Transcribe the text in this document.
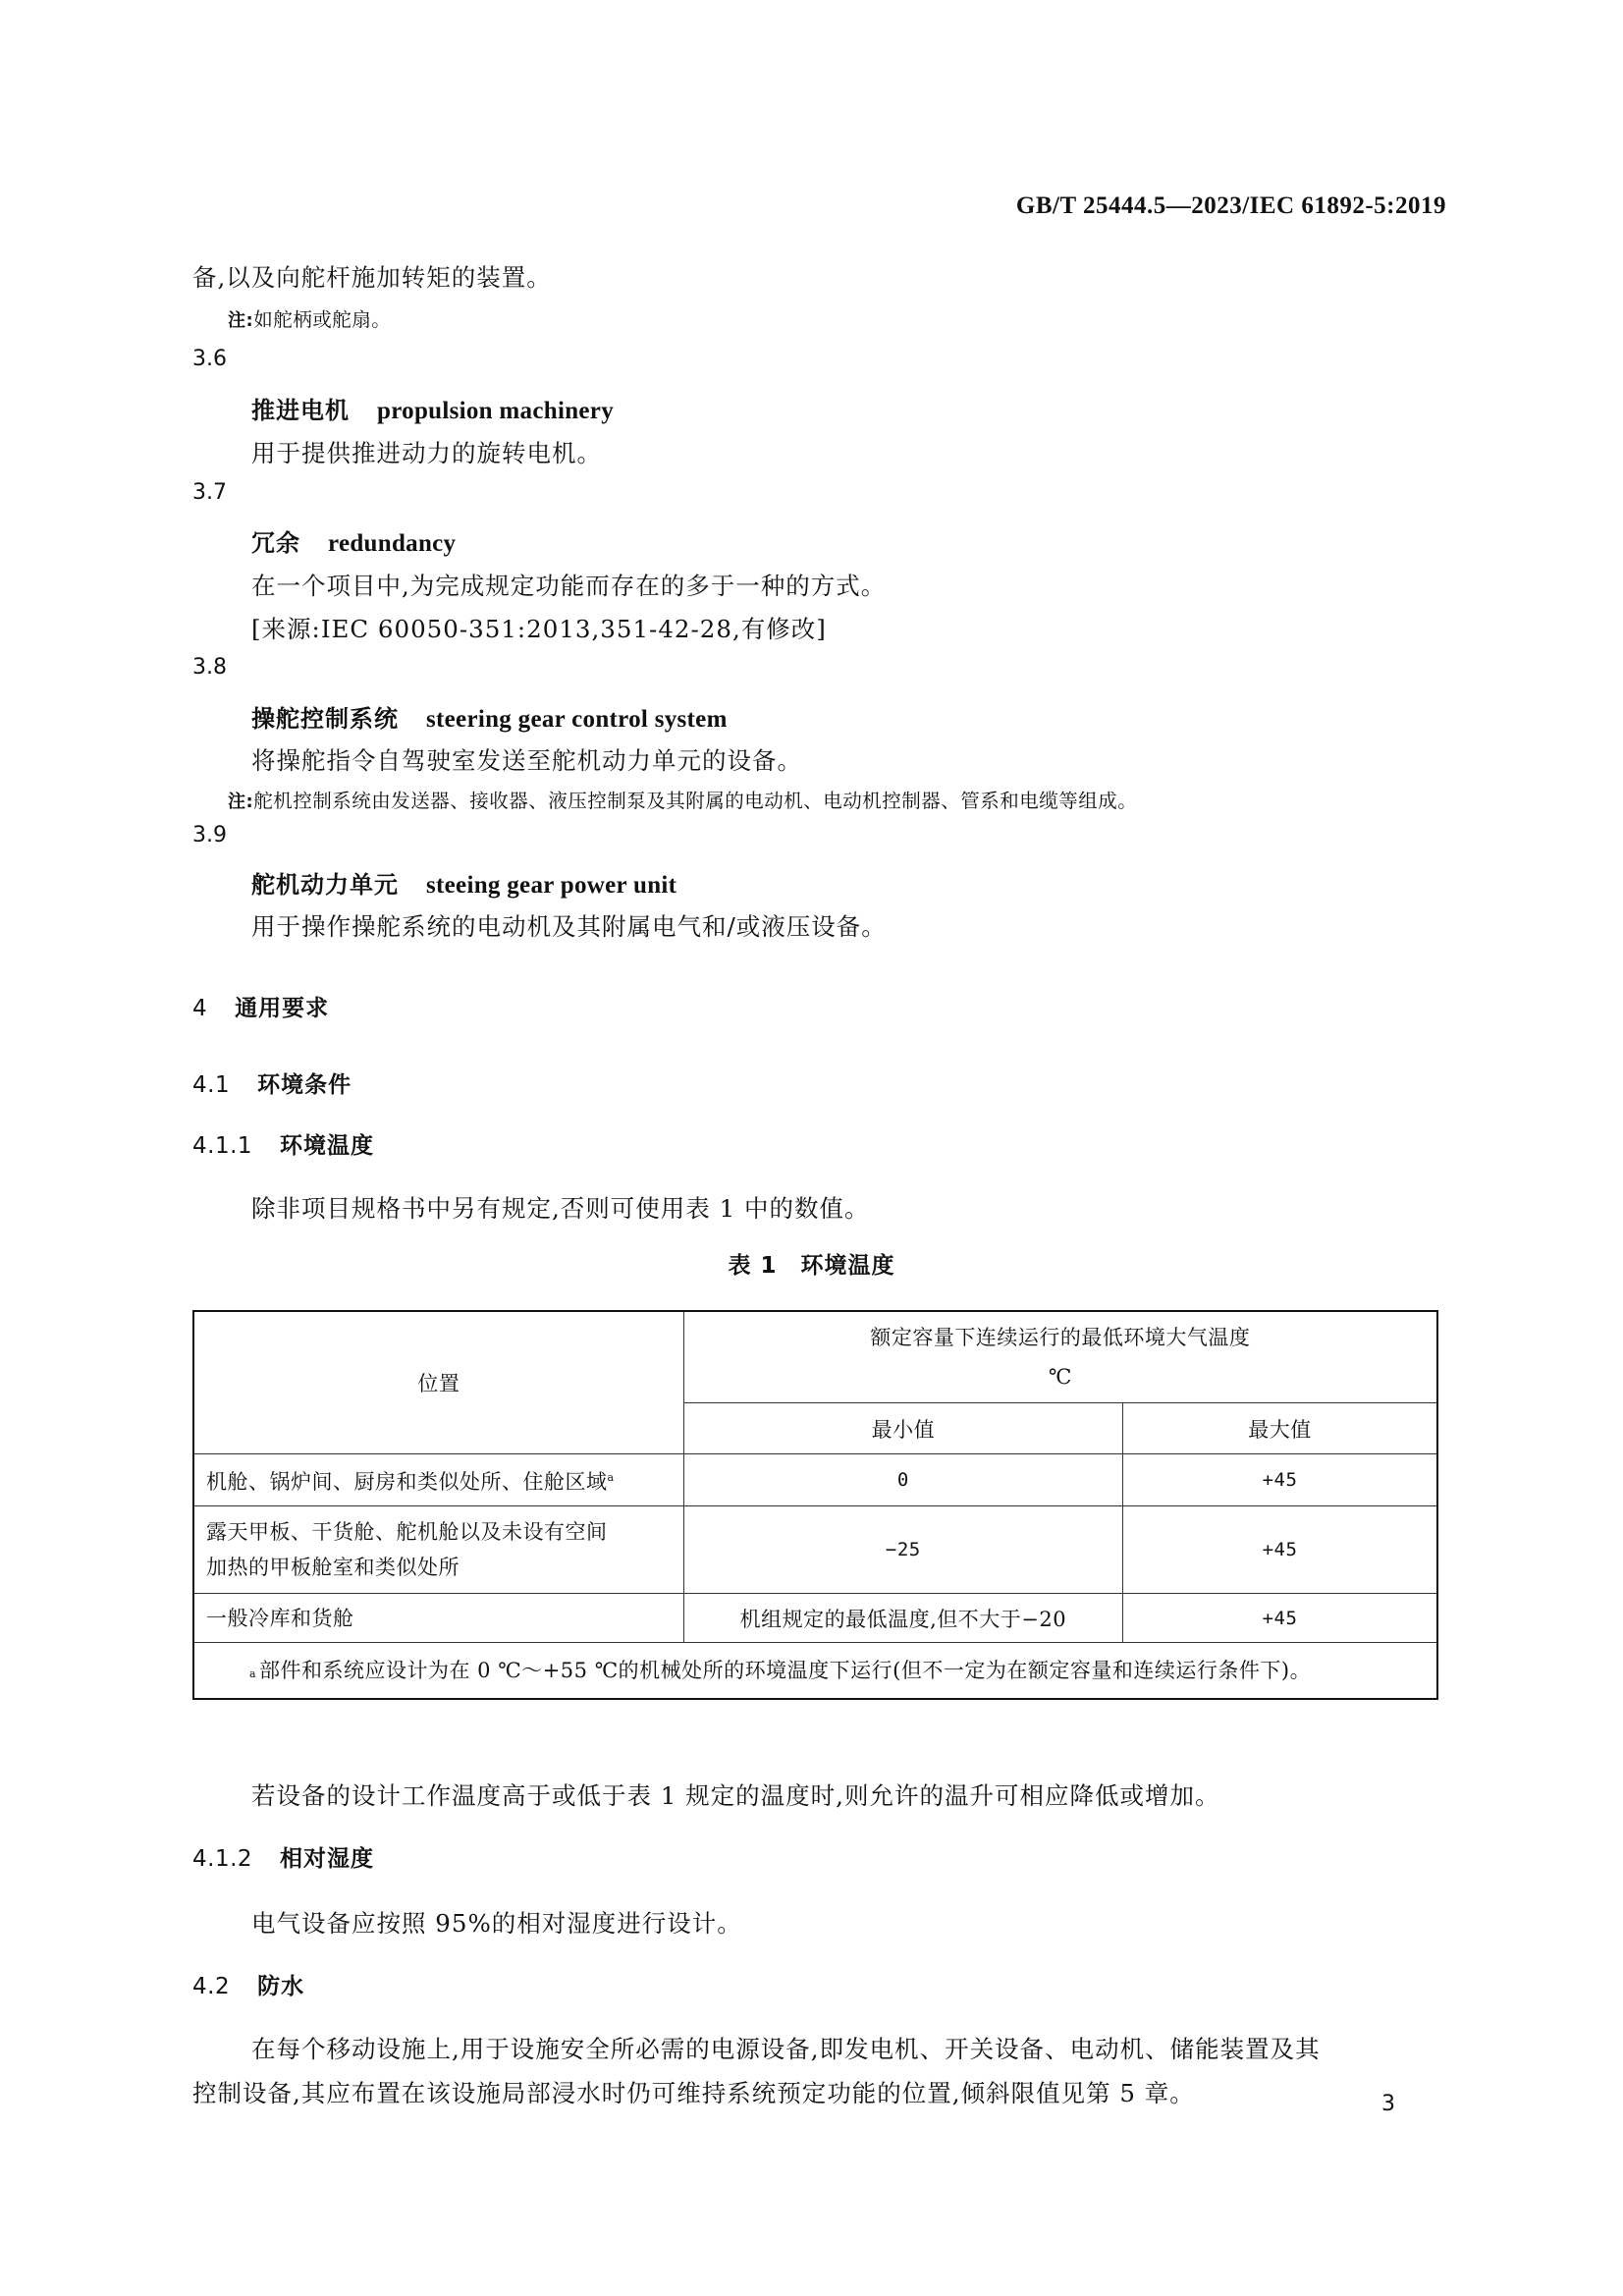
GB/T 25444.5—2023/IEC 61892-5:2019
备,以及向舵杆施加转矩的装置。
注:如舵柄或舵扇。
3.6
推进电机 propulsion machinery
用于提供推进动力的旋转电机。
3.7
冗余 redundancy
在一个项目中,为完成规定功能而存在的多于一种的方式。
[来源:IEC 60050-351:2013,351-42-28,有修改]
3.8
操舵控制系统 steering gear control system
将操舵指令自驾驶室发送至舵机动力单元的设备。
注:舵机控制系统由发送器、接收器、液压控制泵及其附属的电动机、电动机控制器、管系和电缆等组成。
3.9
舵机动力单元 steeing gear power unit
用于操作操舵系统的电动机及其附属电气和/或液压设备。
4 通用要求
4.1 环境条件
4.1.1 环境温度
除非项目规格书中另有规定,否则可使用表 1 中的数值。
表 1　环境温度
位置	额定容量下连续运行的最低环境大气温度
℃	

	最小值	最大值
机舱、锅炉间、厨房和类似处所、住舱区域$^a$	0	+45

露天甲板、干货舱、舵机舱以及未设有空间
加热的甲板舱室和类似处所	−25	+45
一般冷库和货舱	机组规定的最低温度,但不大于−20	+45

a 部件和系统应设计为在 0 ℃～+55 ℃的机械处所的环境温度下运行(但不一定为在额定容量和连续运行条件下)。		
若设备的设计工作温度高于或低于表 1 规定的温度时,则允许的温升可相应降低或增加。
4.1.2 相对湿度
电气设备应按照 95%的相对湿度进行设计。
4.2 防水
在每个移动设施上,用于设施安全所必需的电源设备,即发电机、开关设备、电动机、储能装置及其
控制设备,其应布置在该设施局部浸水时仍可维持系统预定功能的位置,倾斜限值见第 5 章。	3
